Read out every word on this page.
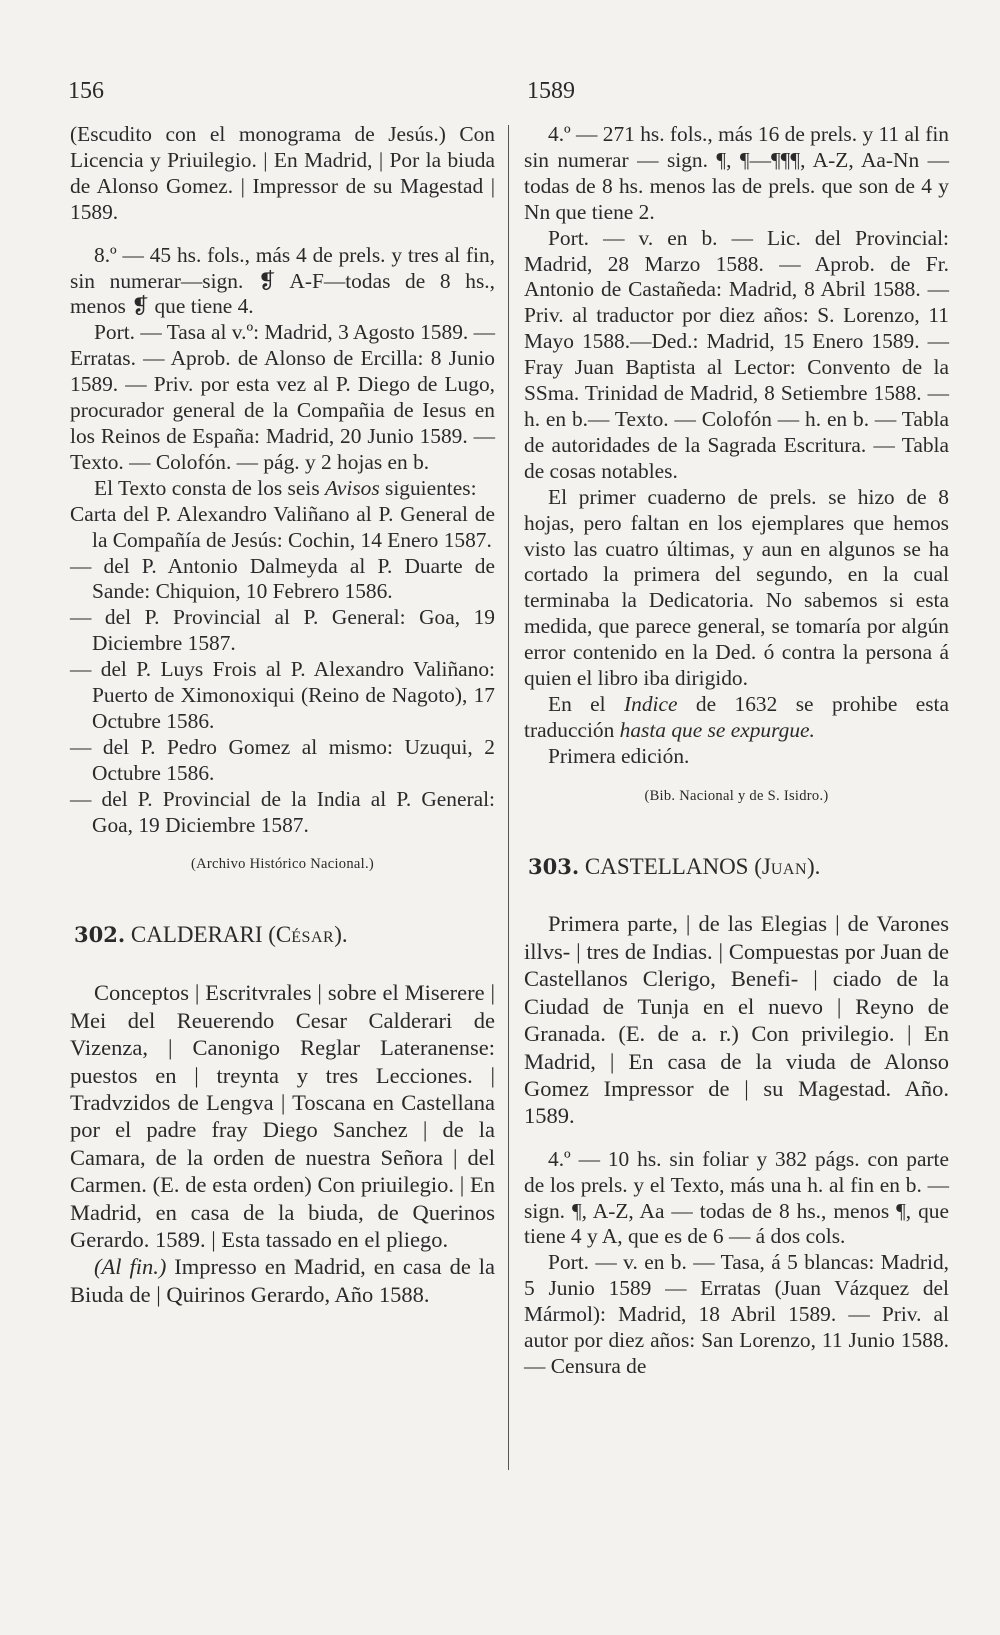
156	1589

(Escudito con el monograma de Jesús.) Con Licencia y Priuilegio. | En Madrid, | Por la biuda de Alonso Gomez. | Impressor de su Magestad | 1589.

8.º — 45 hs. fols., más 4 de prels. y tres al fin, sin numerar—sign. ❡ A-F—todas de 8 hs., menos ❡ que tiene 4.

Port. — Tasa al v.º: Madrid, 3 Agosto 1589. — Erratas. — Aprob. de Alonso de Ercilla: 8 Junio 1589. — Priv. por esta vez al P. Diego de Lugo, procurador general de la Compañia de Iesus en los Reinos de España: Madrid, 20 Junio 1589. — Texto. — Colofón. — pág. y 2 hojas en b.

El Texto consta de los seis Avisos siguientes:

Carta del P. Alexandro Valiñano al P. General de la Compañía de Jesús: Cochin, 14 Enero 1587.

— del P. Antonio Dalmeyda al P. Duarte de Sande: Chiquion, 10 Febrero 1586.

— del P. Provincial al P. General: Goa, 19 Diciembre 1587.

— del P. Luys Frois al P. Alexandro Valiñano: Puerto de Ximonoxiqui (Reino de Nagoto), 17 Octubre 1586.

— del P. Pedro Gomez al mismo: Uzuqui, 2 Octubre 1586.

— del P. Provincial de la India al P. General: Goa, 19 Diciembre 1587.

(Archivo Histórico Nacional.)

302. CALDERARI (CÉSAR).

Conceptos | Escritvrales | sobre el Miserere | Mei del Reuerendo Cesar Calderari de Vizenza, | Canonigo Reglar Lateranense: puestos en | treynta y tres Lecciones. | Tradvzidos de Lengva | Toscana en Castellana por el padre fray Diego Sanchez | de la Camara, de la orden de nuestra Señora | del Carmen. (E. de esta orden) Con priuilegio. | En Madrid, en casa de la biuda, de Querinos Gerardo. 1589. | Esta tassado en el pliego.

(Al fin.) Impresso en Madrid, en casa de la Biuda de | Quirinos Gerardo, Año 1588.

4.º — 271 hs. fols., más 16 de prels. y 11 al fin sin numerar — sign. ¶, ¶—¶¶¶, A-Z, Aa-Nn — todas de 8 hs. menos las de prels. que son de 4 y Nn que tiene 2.

Port. — v. en b. — Lic. del Provincial: Madrid, 28 Marzo 1588. — Aprob. de Fr. Antonio de Castañeda: Madrid, 8 Abril 1588. — Priv. al traductor por diez años: S. Lorenzo, 11 Mayo 1588.—Ded.: Madrid, 15 Enero 1589. — Fray Juan Baptista al Lector: Convento de la SSma. Trinidad de Madrid, 8 Setiembre 1588. — h. en b.— Texto. — Colofón — h. en b. — Tabla de autoridades de la Sagrada Escritura. — Tabla de cosas notables.

El primer cuaderno de prels. se hizo de 8 hojas, pero faltan en los ejemplares que hemos visto las cuatro últimas, y aun en algunos se ha cortado la primera del segundo, en la cual terminaba la Dedicatoria. No sabemos si esta medida, que parece general, se tomaría por algún error contenido en la Ded. ó contra la persona á quien el libro iba dirigido.

En el Indice de 1632 se prohibe esta traducción hasta que se expurgue.

Primera edición.

(Bib. Nacional y de S. Isidro.)

303. CASTELLANOS (JUAN).

Primera parte, | de las Elegias | de Varones illvs- | tres de Indias. | Compuestas por Juan de Castellanos Clerigo, Benefi- | ciado de la Ciudad de Tunja en el nuevo | Reyno de Granada. (E. de a. r.) Con privilegio. | En Madrid, | En casa de la viuda de Alonso Gomez Impressor de | su Magestad. Año. 1589.

4.º — 10 hs. sin foliar y 382 págs. con parte de los prels. y el Texto, más una h. al fin en b. — sign. ¶, A-Z, Aa — todas de 8 hs., menos ¶, que tiene 4 y A, que es de 6 — á dos cols.

Port. — v. en b. — Tasa, á 5 blancas: Madrid, 5 Junio 1589 — Erratas (Juan Vázquez del Mármol): Madrid, 18 Abril 1589. — Priv. al autor por diez años: San Lorenzo, 11 Junio 1588. — Censura de
